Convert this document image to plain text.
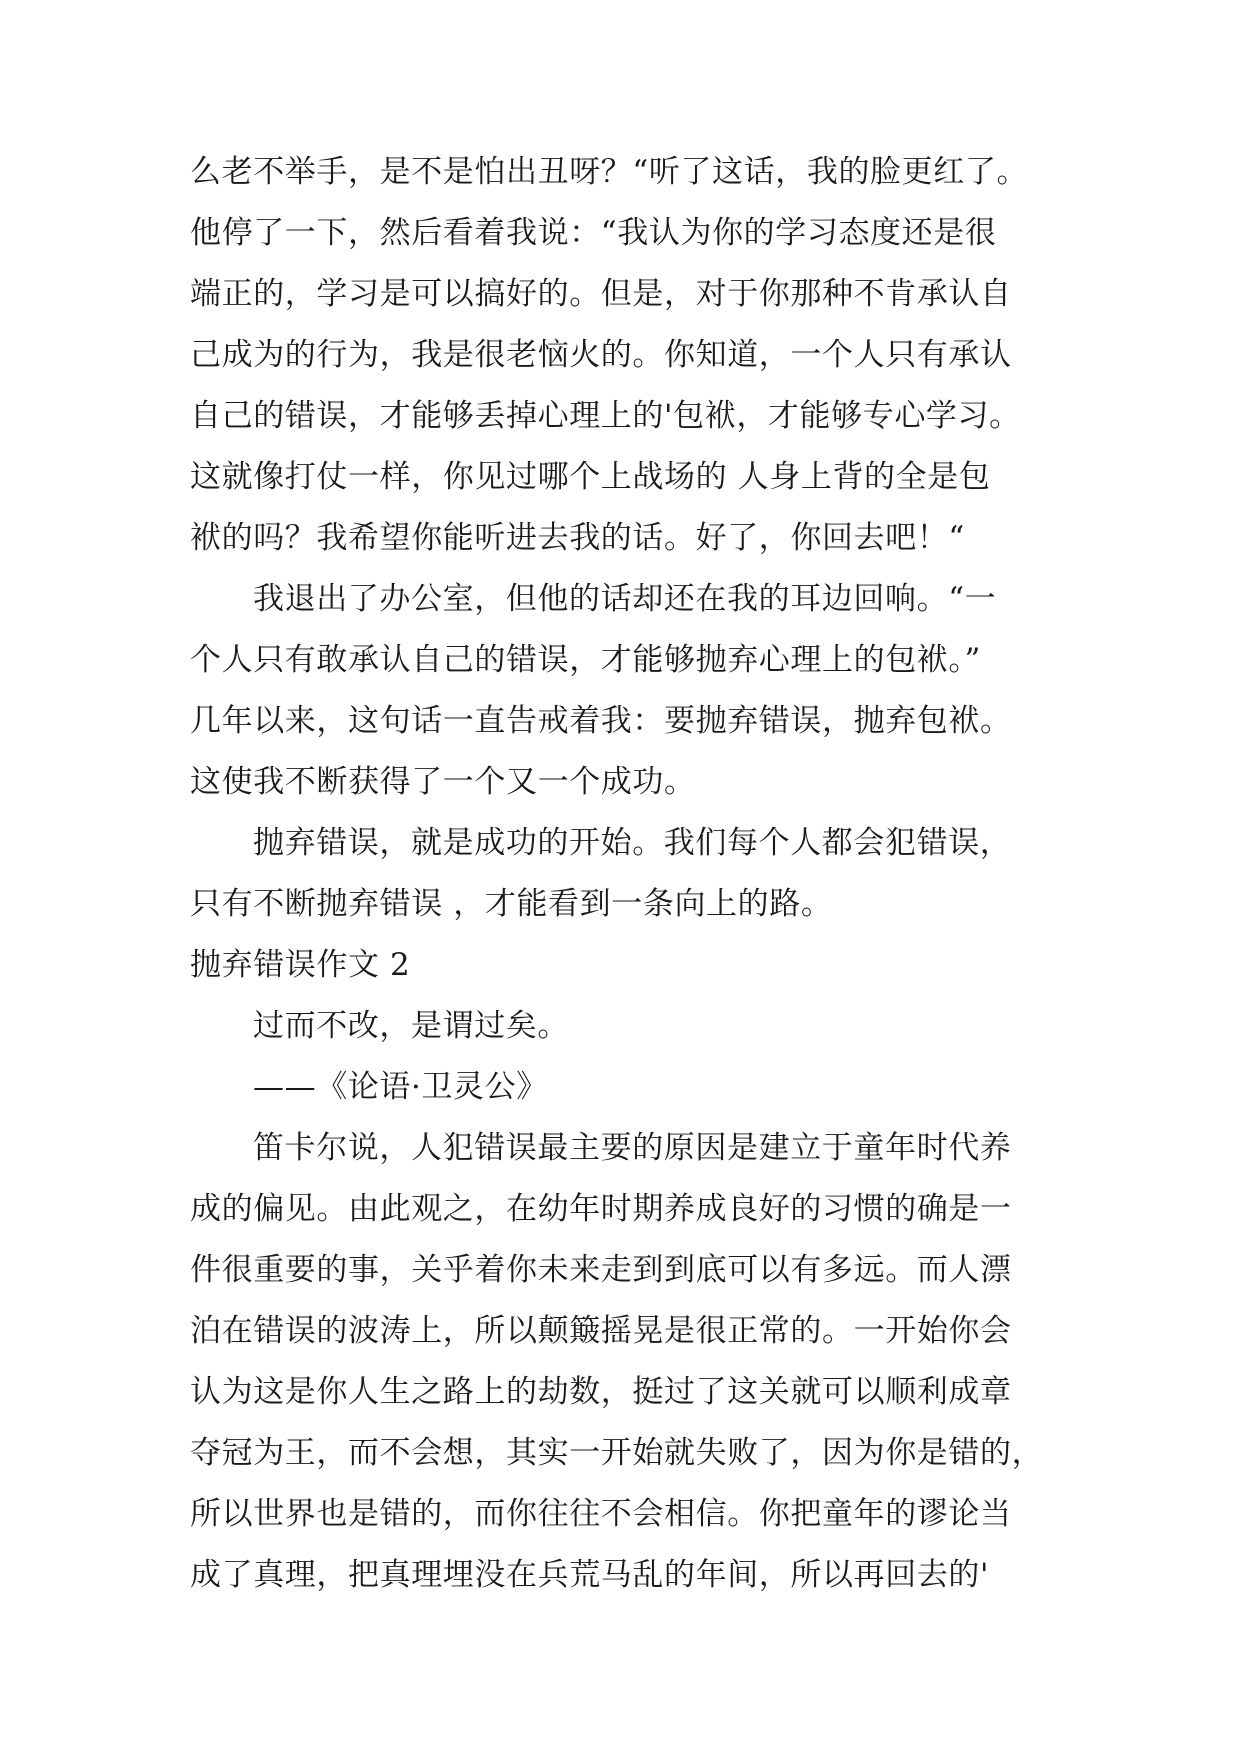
么老不举手，是不是怕出丑呀？“听了这话，我的脸更红了。
他停了一下，然后看着我说：“我认为你的学习态度还是很
端正的，学习是可以搞好的。但是，对于你那种不肯承认自
己成为的行为，我是很老恼火的。你知道，一个人只有承认
自己的错误，才能够丢掉心理上的'包袱，才能够专心学习。
这就像打仗一样，你见过哪个上战场的 人身上背的全是包
袱的吗？我希望你能听进去我的话。好了，你回去吧！“
我退出了办公室，但他的话却还在我的耳边回响。“一
个人只有敢承认自己的错误，才能够抛弃心理上的包袱。”
几年以来，这句话一直告戒着我：要抛弃错误，抛弃包袱。
这使我不断获得了一个又一个成功。
抛弃错误，就是成功的开始。我们每个人都会犯错误，
只有不断抛弃错误 ，才能看到一条向上的路。
抛弃错误作文 2
过而不改，是谓过矣。
——《论语·卫灵公》
笛卡尔说，人犯错误最主要的原因是建立于童年时代养
成的偏见。由此观之，在幼年时期养成良好的习惯的确是一
件很重要的事，关乎着你未来走到到底可以有多远。而人漂
泊在错误的波涛上，所以颠簸摇晃是很正常的。一开始你会
认为这是你人生之路上的劫数，挺过了这关就可以顺利成章
夺冠为王，而不会想，其实一开始就失败了，因为你是错的，
所以世界也是错的，而你往往不会相信。你把童年的谬论当
成了真理，把真理埋没在兵荒马乱的年间，所以再回去的'
